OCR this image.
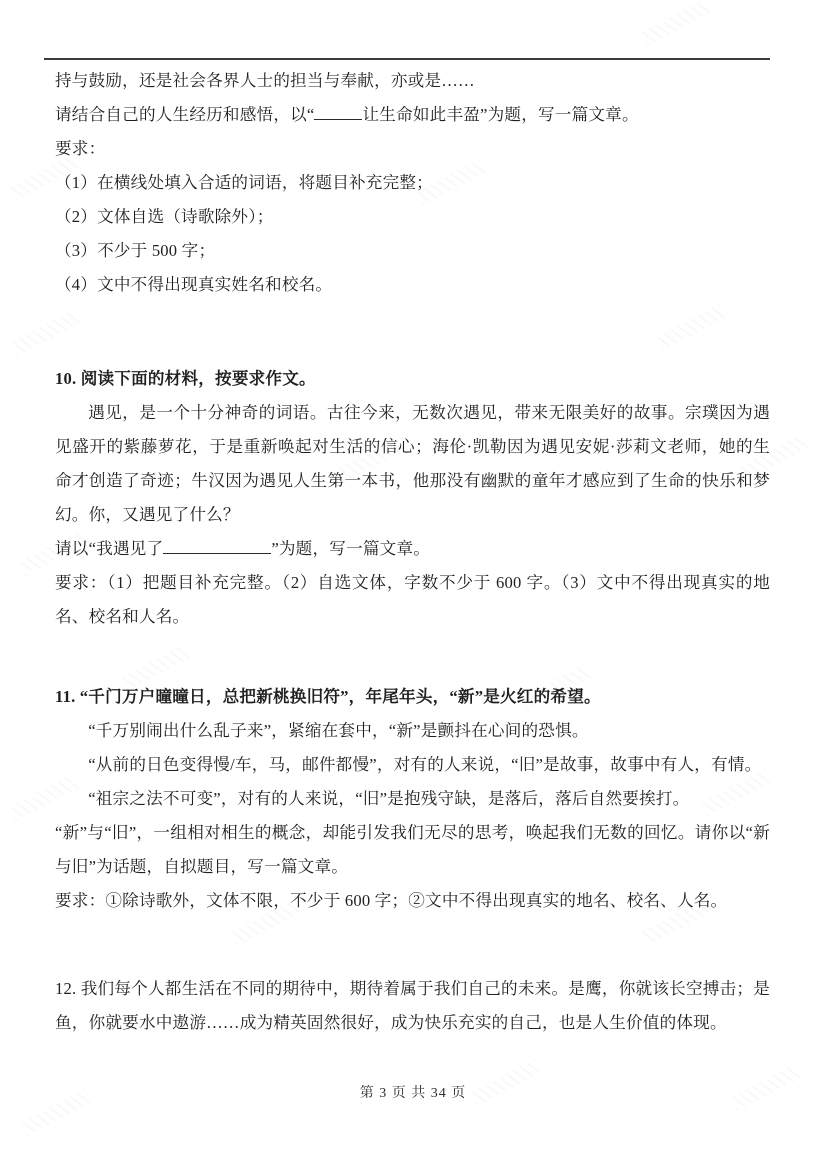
持与鼓励，还是社会各界人士的担当与奉献，亦或是……

请结合自己的人生经历和感悟，以“	让生命如此丰盈”为题，写一篇文章。

要求：

（1）在横线处填入合适的词语，将题目补充完整；

（2）文体自选（诗歌除外）；

（3）不少于 500 字；

（4）文中不得出现真实姓名和校名。

10. 阅读下面的材料，按要求作文。

遇见，是一个十分神奇的词语。古往今来，无数次遇见，带来无限美好的故事。宗璞因为遇见盛开的紫藤萝花，于是重新唤起对生活的信心；海伦·凯勒因为遇见安妮·莎莉文老师，她的生命才创造了奇迹；牛汉因为遇见人生第一本书，他那没有幽默的童年才感应到了生命的快乐和梦幻。你，又遇见了什么？

请以“我遇见了	”为题，写一篇文章。

要求：（1）把题目补充完整。（2）自选文体，字数不少于 600 字。（3）文中不得出现真实的地名、校名和人名。

11. “千门万户曈曈日，总把新桃换旧符”，年尾年头，“新”是火红的希望。

“千万别闹出什么乱子来”，紧缩在套中，“新”是颤抖在心间的恐惧。

“从前的日色变得慢/车，马，邮件都慢”，对有的人来说，“旧”是故事，故事中有人，有情。

“祖宗之法不可变”，对有的人来说，“旧”是抱残守缺，是落后，落后自然要挨打。

“新”与“旧”，一组相对相生的概念，却能引发我们无尽的思考，唤起我们无数的回忆。请你以“新与旧”为话题，自拟题目，写一篇文章。

要求：①除诗歌外，文体不限，不少于 600 字；②文中不得出现真实的地名、校名、人名。

12. 我们每个人都生活在不同的期待中，期待着属于我们自己的未来。是鹰，你就该长空搏击；是鱼，你就要水中遨游……成为精英固然很好，成为快乐充实的自己，也是人生价值的体现。

第 3 页 共 34 页
